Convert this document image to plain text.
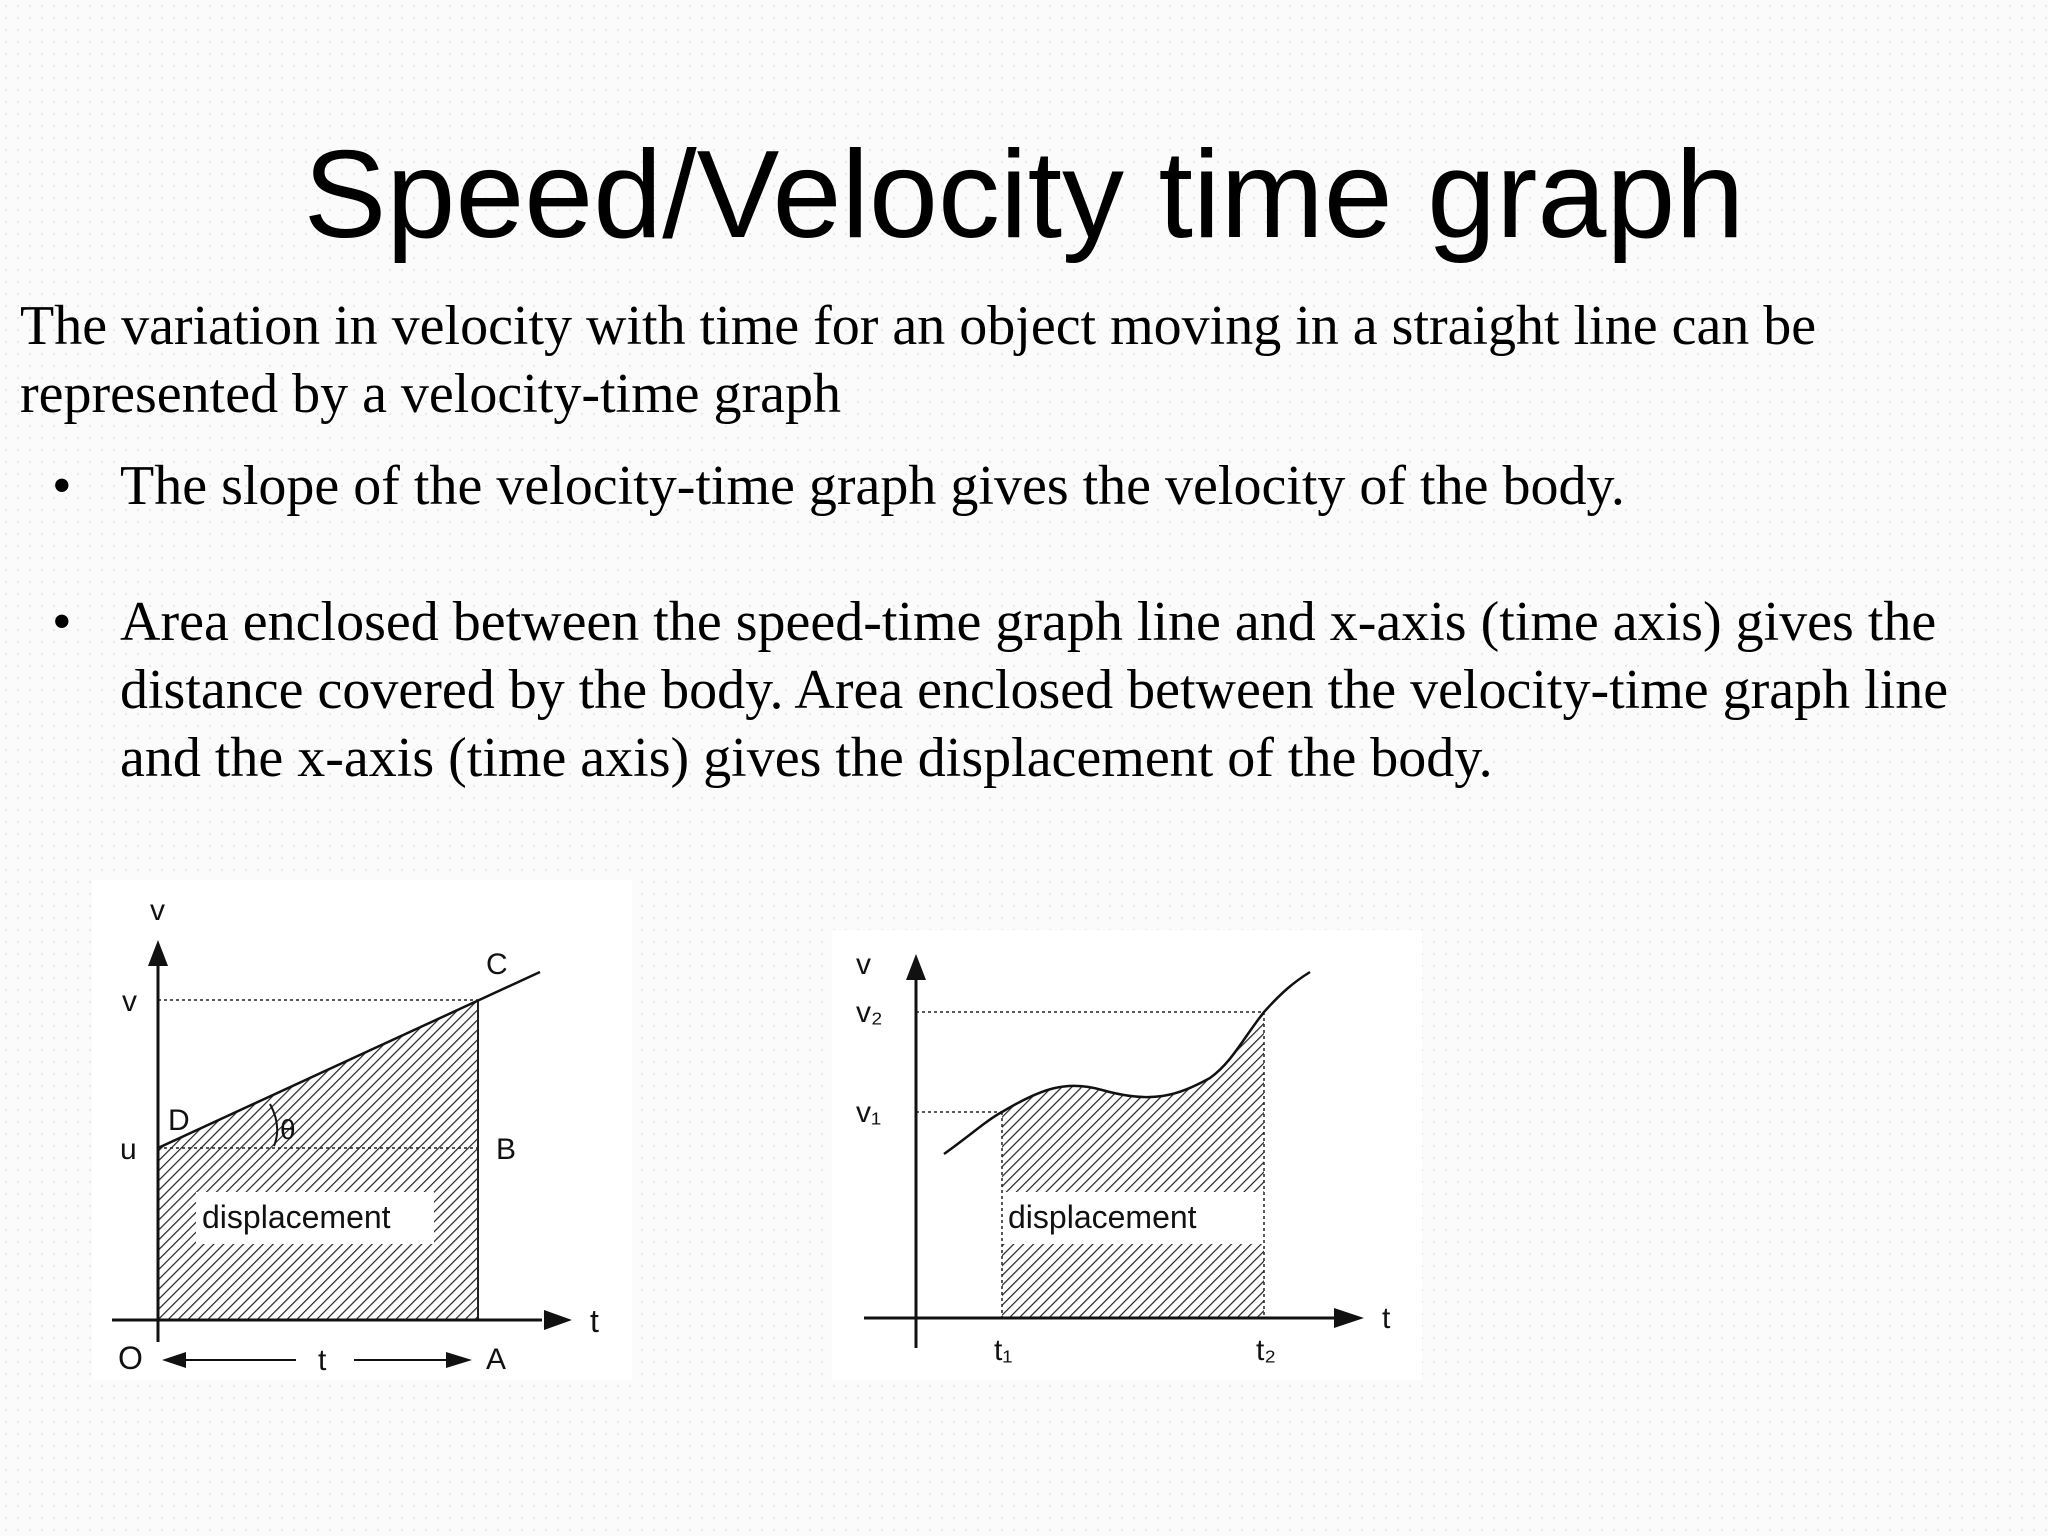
Speed/Velocity time graph
The variation in velocity with time for an object moving in a straight line can be represented by a velocity-time graph
• The slope of the velocity-time graph gives the velocity of the body.
• Area enclosed between the speed-time graph line and x-axis (time axis) gives the distance covered by the body. Area enclosed between the velocity-time graph line and the x-axis (time axis) gives the displacement of the body.
v
v
u
O	A
B
C
D	θ
t
t
displacement
v
v₂
v₁
t₁	t₂
t
displacement
